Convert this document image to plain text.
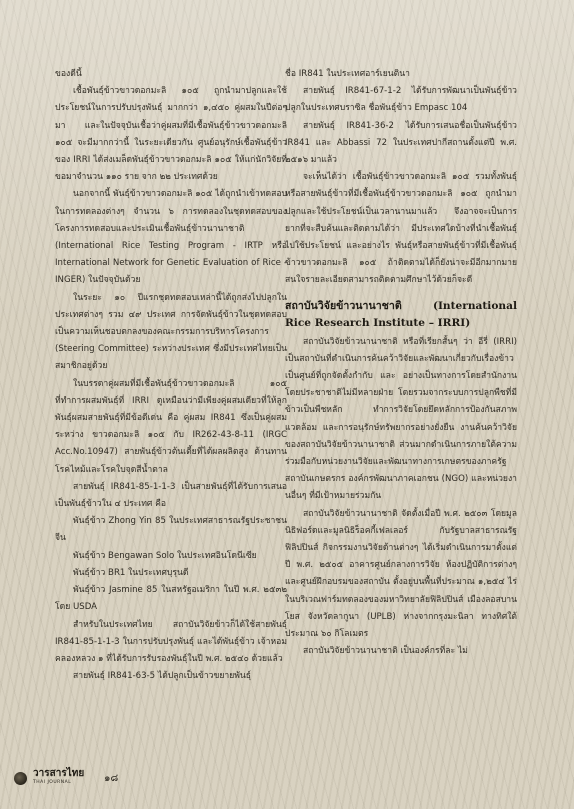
ของดีนี้

เชื้อพันธุ์ข้าวขาวดอกมะลิ ๑๐๕ ถูกนำมาปลูกและใช้ประโยชน์ในการปรับปรุงพันธุ์ มากกว่า ๑,๔๕๐ คู่ผสมในปีต่อๆ มา และในปัจจุบันเชื้อว่าคู่ผสมที่มีเชื้อพันธุ์ข้าวขาวดอกมะลิ ๑๐๕ จะมีมากกว่านี้ ในระยะเดียวกัน ศูนย์อนุรักษ์เชื้อพันธุ์ข้าวของ IRRI ได้ส่งเมล็ดพันธุ์ข้าวขาวดอกมะลิ ๑๐๕ ให้แก่นักวิจัยที่ขอมาจำนวน ๑๑๐ ราย จาก ๒๒ ประเทศด้วย

นอกจากนี้ พันธุ์ข้าวขาวดอกมะลิ ๑๐๕ ได้ถูกนำเข้าทดสอบในการทดลองต่างๆ จำนวน ๖ การทดลองในชุดทดสอบของโครงการทดสอบและประเมินเชื้อพันธุ์ข้าวนานาชาติ (International Rice Testing Program - IRTP หรือ International Network for Genetic Evaluation of Rice - INGER) ในปัจจุบันด้วย

ในระยะ ๑๐ ปีแรกชุดทดสอบเหล่านี้ได้ถูกส่งไปปลูกในประเทศต่างๆ รวม ๔๙ ประเทศ การจัดพันธุ์ข้าวในชุดทดสอบเป็นความเห็นชอบตกลงของคณะกรรมการบริหารโครงการ (Steering Committee) ระหว่างประเทศ ซึ่งมีประเทศไทยเป็นสมาชิกอยู่ด้วย

ในบรรดาคู่ผสมที่มีเชื้อพันธุ์ข้าวขาวดอกมะลิ ๑๐๕ ที่ทำการผสมพันธุ์ที่ IRRI ดูเหมือนว่ามีเพียงคู่ผสมเดียวที่ให้ลูกพันธุ์ผสมสายพันธุ์ที่มีข้อดีเด่น คือ คู่ผสม IR841 ซึ่งเป็นคู่ผสมระหว่าง ขาวดอกมะลิ ๑๐๕ กับ IR262-43-8-11 (IRGC Acc.No.10947) สายพันธุ์ข้าวต้นเตี้ยที่ได้ผลผลิตสูง ต้านทานโรคไหม้และโรคใบจุดสีน้ำตาล

สายพันธุ์ IR841-85-1-1-3 เป็นสายพันธุ์ที่ได้รับการเสนอเป็นพันธุ์ข้าวใน ๔ ประเทศ คือ

พันธุ์ข้าว Zhong Yin 85 ในประเทศสาธารณรัฐประชาชนจีน

พันธุ์ข้าว Bengawan Solo ในประเทศอินโดนีเซีย

พันธุ์ข้าว BR1 ในประเทศบุรุนดี

พันธุ์ข้าว Jasmine 85 ในสหรัฐอเมริกา ในปี พ.ศ. ๒๕๓๒ โดย USDA

สำหรับในประเทศไทย สถาบันวิจัยข้าวก็ได้ใช้สายพันธุ์ IR841-85-1-1-3 ในการปรับปรุงพันธุ์ และได้พันธุ์ข้าว เจ้าหอมคลองหลวง ๑ ที่ได้รับการรับรองพันธุ์ในปี พ.ศ. ๒๕๔๐ ด้วยแล้ว

สายพันธุ์ IR841-63-5 ได้ปลูกเป็นข้าวขยายพันธุ์

ชื่อ IR841 ในประเทศอาร์เยนตินา

สายพันธุ์ IR841-67-1-2 ได้รับการพัฒนาเป็นพันธุ์ข้าวปลูกในประเทศบราซิล ชื่อพันธุ์ข้าว Empasc 104

สายพันธุ์ IR841-36-2 ได้รับการเสนอชื่อเป็นพันธุ์ข้าว IR841 และ Abbassi 72 ในประเทศปากีสถานตั้งแต่ปี พ.ศ. ๒๕๑๖ มาแล้ว

จะเห็นได้ว่า เชื้อพันธุ์ข้าวขาวดอกมะลิ ๑๐๕ รวมทั้งพันธุ์หรือสายพันธุ์ข้าวที่มีเชื้อพันธุ์ข้าวขาวดอกมะลิ ๑๐๕ ถูกนำมาปลูกและใช้ประโยชน์เป็นเวลานานมาแล้ว จึงอาจจะเป็นการยากที่จะสืบค้นและติดตามได้ว่า มีประเทศใดบ้างที่นำเชื้อพันธุ์ไปใช้ประโยชน์ และอย่างไร พันธุ์หรือสายพันธุ์ข้าวที่มีเชื้อพันธุ์ข้าวขาวดอกมะลิ ๑๐๕ ถ้าติดตามได้ก็ยังน่าจะมีอีกมากมาย สนใจรายละเอียดสามารถติดตามศึกษาไว้ด้วยก็จะดี

สถาบันวิจัยข้าวนานาชาติ (International Rice Research Institute – IRRI)

สถาบันวิจัยข้าวนานาชาติ หรือที่เรียกสั้นๆ ว่า อีรี่ (IRRI) เป็นสถาบันที่ดำเนินการค้นคว้าวิจัยและพัฒนาเกี่ยวกับเรื่องข้าว เป็นศูนย์ที่ถูกจัดตั้งกำกับ และ อย่างเป็นทางการโดยสำนักงาน โดยประชาชาติไม่มีหลายฝ่าย โดยรวมจากระบบการปลูกพืชที่มีข้าวเป็นพืชหลัก ทำการวิจัยโดยยึดหลักการป้องกันสภาพแวดล้อม และการอนุรักษ์ทรัพยากรอย่างยั่งยืน งานค้นคว้าวิจัยของสถาบันวิจัยข้าวนานาชาติ ส่วนมากดำเนินการภายใต้ความร่วมมือกับหน่วยงานวิจัยและพัฒนาทางการเกษตรของภาครัฐ สถาบันเกษตรกร องค์กรพัฒนาภาคเอกชน (NGO) และหน่วยงานอื่นๆ ที่มีเป้าหมายร่วมกัน

สถาบันวิจัยข้าวนานาชาติ จัดตั้งเมื่อปี พ.ศ. ๒๕๐๓ โดยมูลนิธิฟอร์ดและมูลนิธิร็อคกี้เฟลเลอร์ กับรัฐบาลสาธารณรัฐฟิลิปปินส์ กิจกรรมงานวิจัยด้านต่างๆ ได้เริ่มดำเนินการมาตั้งแต่ปี พ.ศ. ๒๕๐๕ อาคารศูนย์กลางการวิจัย ห้องปฏิบัติการต่างๆ และศูนย์ฝึกอบรมของสถาบัน ตั้งอยู่บนพื้นที่ประมาณ ๑,๒๕๔ ไร่ ในบริเวณฟาร์มทดลองของมหาวิทยาลัยฟิลิปปินส์ เมืองลอสบานโยส จังหวัดลากูนา (UPLB) ห่างจากกรุงมะนิลา ทางทิศใต้ประมาณ ๖๐ กิโลเมตร

สถาบันวิจัยข้าวนานาชาติ เป็นองค์กรที่ละ ไม่

วารสารไทย
THAI JOURNAL	๑๘
